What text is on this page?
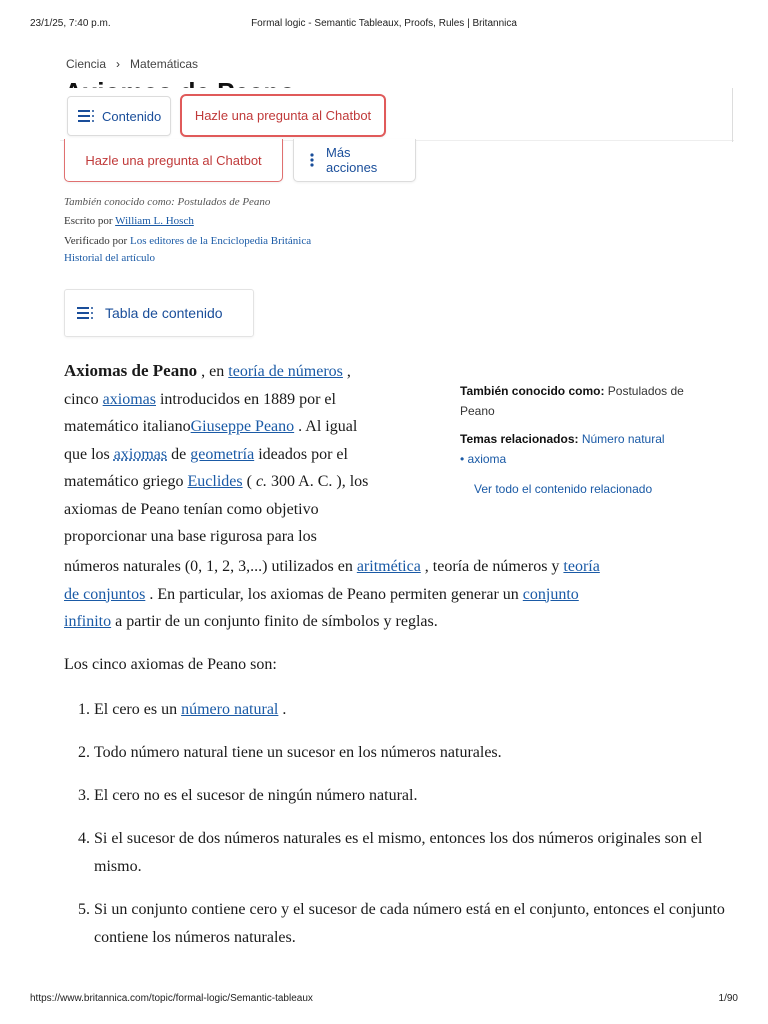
23/1/25, 7:40 p.m.	Formal logic - Semantic Tableaux, Proofs, Rules | Britannica
https://www.britannica.com/topic/formal-logic/Semantic-tableaux	1/90
Ciencia › Matemáticas
Contenido	Hazle una pregunta al Chatbot
Hazle una pregunta al Chatbot	Más acciones
También conocido como: Postulados de Peano
Escrito por William L. Hosch
Verificado por Los editores de la Enciclopedia Británica
Historial del artículo
Tabla de contenido
Axiomas de Peano , en teoría de números ,
cinco axiomas introducidos en 1889 por el
matemático italianoGiuseppe Peano . Al igual
que los axiomas de geometría ideados por el
matemático griego Euclides ( c. 300 A. C. ), los
axiomas de Peano tenían como objetivo
proporcionar una base rigurosa para los
números naturales (0, 1, 2, 3,...) utilizados en aritmética , teoría de números y teoría
de conjuntos . En particular, los axiomas de Peano permiten generar un conjunto
infinito a partir de un conjunto finito de símbolos y reglas.
También conocido como: Postulados de Peano
Temas relacionados: Número natural
• axioma
Ver todo el contenido relacionado
Los cinco axiomas de Peano son:
1. El cero es un número natural .
2. Todo número natural tiene un sucesor en los números naturales.
3. El cero no es el sucesor de ningún número natural.
4. Si el sucesor de dos números naturales es el mismo, entonces los dos números originales son el mismo.
5. Si un conjunto contiene cero y el sucesor de cada número está en el conjunto, entonces el conjunto contiene los números naturales.
